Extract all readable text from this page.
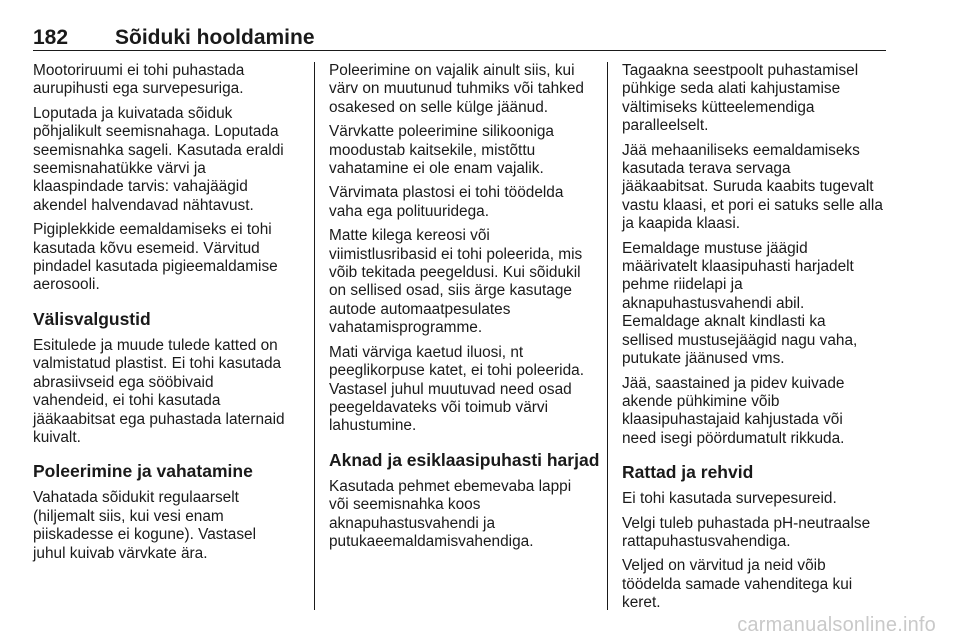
182 Sõiduki hooldamine
Mootoriruumi ei tohi puhastada
aurupihusti ega survepesuriga.
Loputada ja kuivatada sõiduk
põhjalikult seemisnahaga. Loputada
seemisnahka sageli. Kasutada eraldi
seemisnahatükke värvi ja
klaaspindade tarvis: vahajäägid
akendel halvendavad nähtavust.
Pigiplekkide eemaldamiseks ei tohi
kasutada kõvu esemeid. Värvitud
pindadel kasutada pigieemaldamise
aerosooli.
Välisvalgustid
Esitulede ja muude tulede katted on
valmistatud plastist. Ei tohi kasutada
abrasiivseid ega sööbivaid
vahendeid, ei tohi kasutada
jääkaabitsat ega puhastada laternaid
kuivalt.
Poleerimine ja vahatamine
Vahatada sõidukit regulaarselt
(hiljemalt siis, kui vesi enam
piiskadesse ei kogune). Vastasel
juhul kuivab värvkate ära.
Poleerimine on vajalik ainult siis, kui
värv on muutunud tuhmiks või tahked
osakesed on selle külge jäänud.
Värvkatte poleerimine silikooniga
moodustab kaitsekile, mistõttu
vahatamine ei ole enam vajalik.
Värvimata plastosi ei tohi töödelda
vaha ega polituuridega.
Matte kilega kereosi või
viimistlusribasid ei tohi poleerida, mis
võib tekitada peegeldusi. Kui sõidukil
on sellised osad, siis ärge kasutage
autode automaatpesulates
vahatamisprogramme.
Mati värviga kaetud iluosi, nt
peeglikorpuse katet, ei tohi poleerida.
Vastasel juhul muutuvad need osad
peegeldavateks või toimub värvi
lahustumine.
Aknad ja esiklaasipuhasti harjad
Kasutada pehmet ebemevaba lappi
või seemisnahka koos
aknapuhastusvahendi ja
putukaeemaldamisvahendiga.
Tagaakna seestpoolt puhastamisel
pühkige seda alati kahjustamise
vältimiseks kütteelemendiga
paralleelselt.
Jää mehaaniliseks eemaldamiseks
kasutada terava servaga
jääkaabitsat. Suruda kaabits tugevalt
vastu klaasi, et pori ei satuks selle alla
ja kaapida klaasi.
Eemaldage mustuse jäägid
määrivatelt klaasipuhasti harjadelt
pehme riidelapi ja
aknapuhastusvahendi abil.
Eemaldage aknalt kindlasti ka
sellised mustusejäägid nagu vaha,
putukate jäänused vms.
Jää, saastained ja pidev kuivade
akende pühkimine võib
klaasipuhastajaid kahjustada või
need isegi pöördumatult rikkuda.
Rattad ja rehvid
Ei tohi kasutada survepesureid.
Velgi tuleb puhastada pH-neutraalse
rattapuhastusvahendiga.
Veljed on värvitud ja neid võib
töödelda samade vahenditega kui
keret.
carmanualsonline.info
